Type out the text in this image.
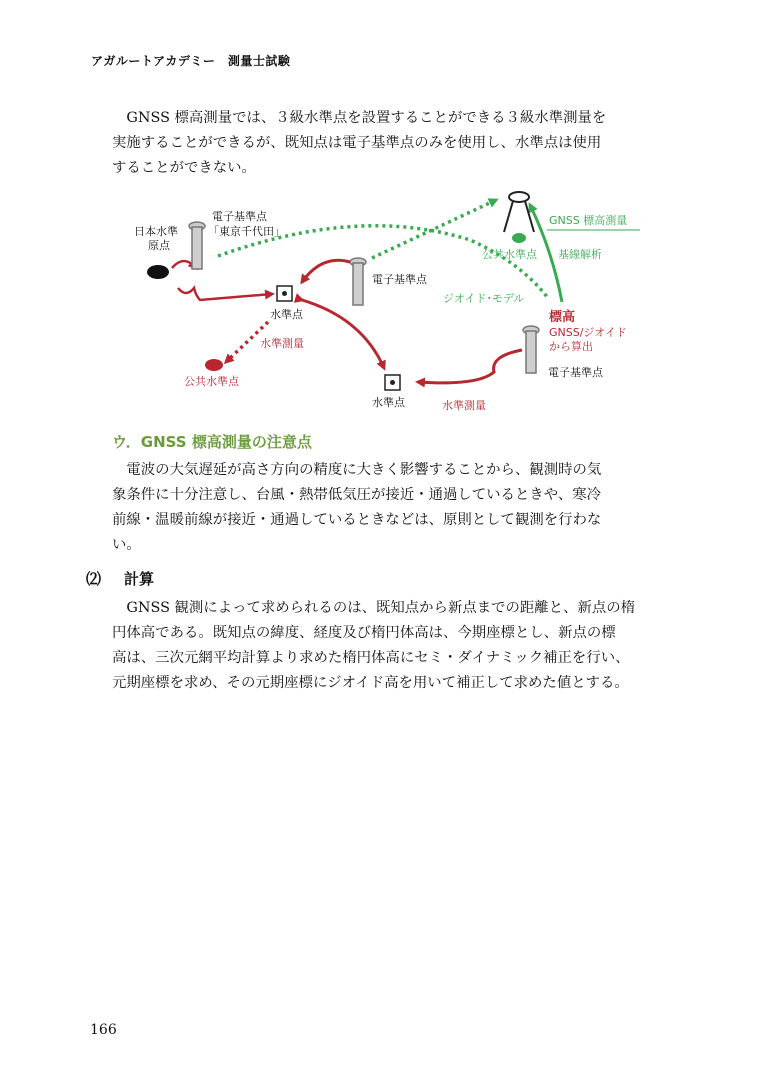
アガルートアカデミー　測量士試験

GNSS 標高測量では、３級水準点を設置することができる３級水準測量を

実施することができるが、既知点は電子基準点のみを使用し、水準点は使用

することができない。

日本水準
原点
電子基準点
「東京千代田」
GNSS 標高測量
公共水準点 基線解析
電子基準点
ジオイド･モデル
標高
GNSS/ジオイド
から算出
水準点
水準測量
公共水準点
水準点	水準測量
電子基準点
ウ．GNSS 標高測量の注意点

電波の大気遅延が高さ方向の精度に大きく影響することから、観測時の気

象条件に十分注意し、台風・熱帯低気圧が接近・通過しているときや、寒冷

前線・温暖前線が接近・通過しているときなどは、原則として観測を行わな

い。

⑵ 計算

GNSS 観測によって求められるのは、既知点から新点までの距離と、新点の楕

円体高である。既知点の緯度、経度及び楕円体高は、今期座標とし、新点の標

高は、三次元網平均計算より求めた楕円体高にセミ・ダイナミック補正を行い、

元期座標を求め、その元期座標にジオイド高を用いて補正して求めた値とする。

166
